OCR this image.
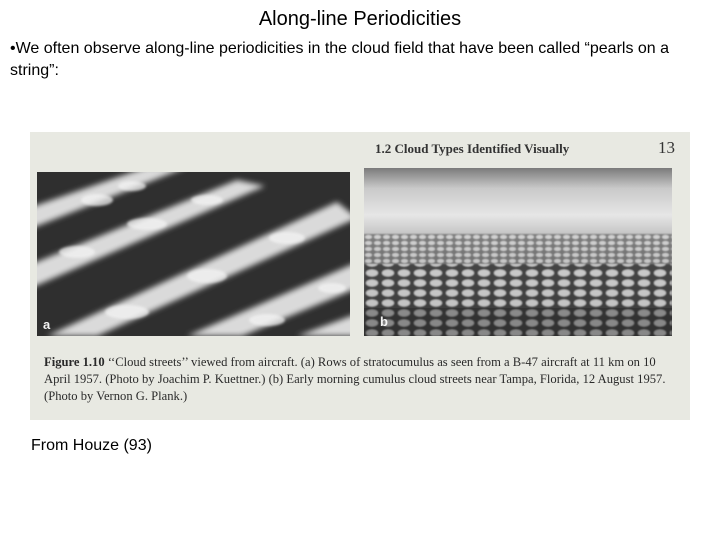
Along-line Periodicities
•We often observe along-line periodicities in the cloud field that have been called “pearls on a string”:
1.2 Cloud Types Identified Visually	13
a	b
Figure 1.10 ‘‘Cloud streets’’ viewed from aircraft. (a) Rows of stratocumulus as seen from a B-47 aircraft at 11 km on 10 April 1957. (Photo by Joachim P. Kuettner.) (b) Early morning cumulus cloud streets near Tampa, Florida, 12 August 1957. (Photo by Vernon G. Plank.)
From Houze (93)
